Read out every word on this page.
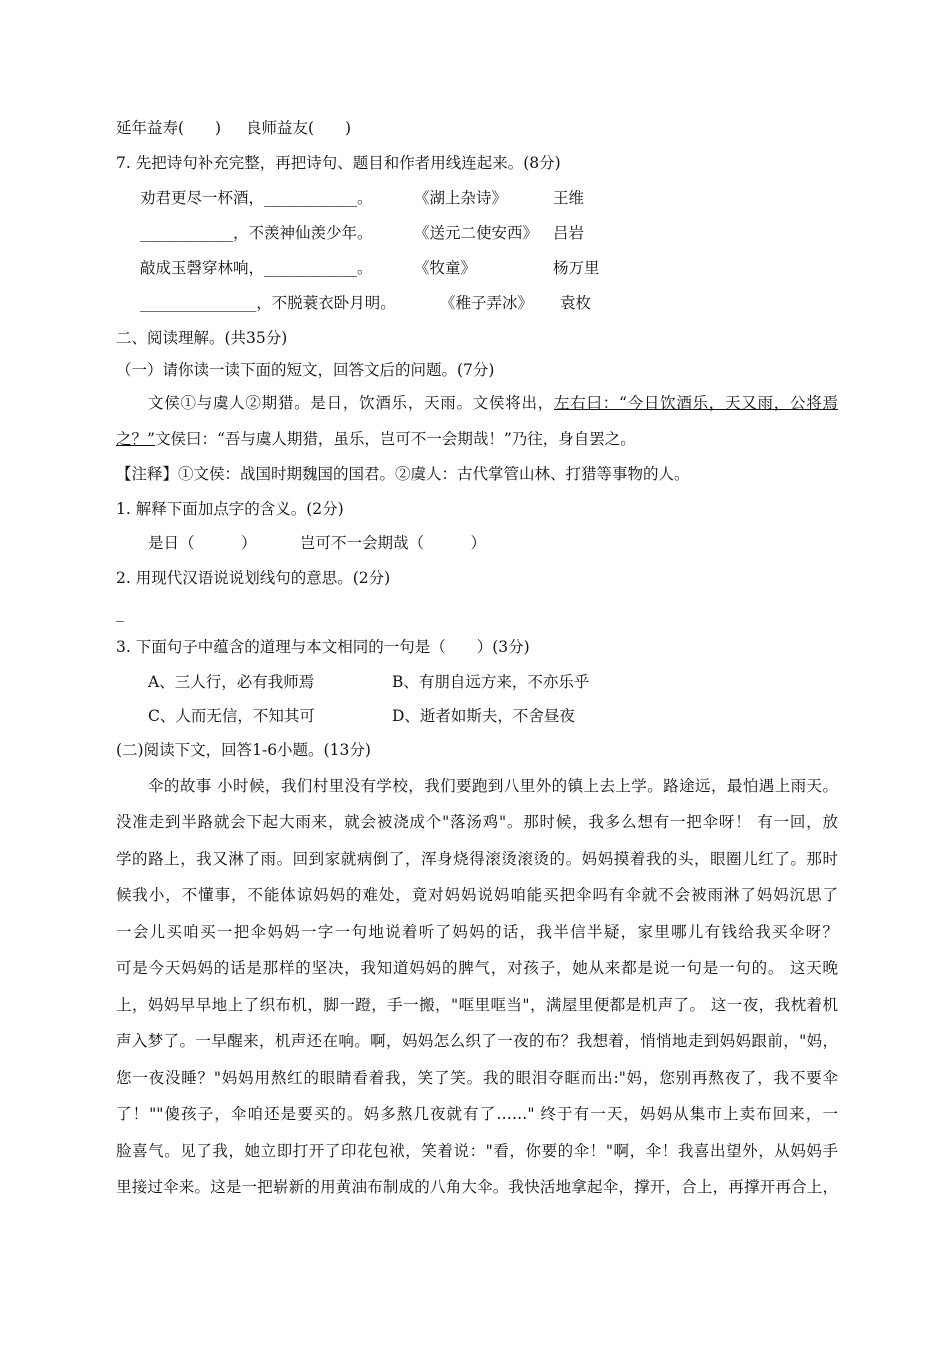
延年益寿(　　) 良师益友(　　)
7. 先把诗句补充完整，再把诗句、题目和作者用线连起来。(8分)
劝君更尽一杯酒，____________。	《湖上杂诗》	王维
____________，不羡神仙羡少年。	《送元二使安西》 吕岩
敲成玉磬穿林响，____________。	《牧童》	杨万里
_______________，不脱蓑衣卧月明。	《稚子弄冰》 袁枚
二、阅读理解。(共35分)
（一）请你读一读下面的短文，回答文后的问题。(7分)
文侯①与虞人②期猎。是日，饮酒乐，天雨。文侯将出，左右曰：“今日饮酒乐，天又雨，公将焉
之？”文侯曰：“吾与虞人期猎，虽乐，岂可不一会期哉！”乃往，身自罢之。
【注释】①文侯：战国时期魏国的国君。②虞人：古代掌管山林、打猎等事物的人。
1. 解释下面加点字的含义。(2分)
是日（　　　）	岂可不一会期哉（　　　）
2. 用现代汉语说说划线句的意思。(2分)
_
3. 下面句子中蕴含的道理与本文相同的一句是（　　）(3分)
A、三人行，必有我师焉	B、有朋自远方来，不亦乐乎
C、人而无信，不知其可	D、逝者如斯夫，不舍昼夜
(二)阅读下文，回答1-6小题。(13分)
伞的故事 小时候，我们村里没有学校，我们要跑到八里外的镇上去上学。路途远，最怕遇上雨天。
没准走到半路就会下起大雨来，就会被浇成个"落汤鸡"。那时候，我多么想有一把伞呀！ 有一回，放
学的路上，我又淋了雨。回到家就病倒了，浑身烧得滚烫滚烫的。妈妈摸着我的头，眼圈儿红了。那时
候我小，不懂事，不能体谅妈妈的难处，竟对妈妈说妈咱能买把伞吗有伞就不会被雨淋了妈妈沉思了
一会儿买咱买一把伞妈妈一字一句地说着听了妈妈的话，我半信半疑，家里哪儿有钱给我买伞呀？
可是今天妈妈的话是那样的坚决，我知道妈妈的脾气，对孩子，她从来都是说一句是一句的。 这天晚
上，妈妈早早地上了织布机，脚一蹬，手一搬，"哐里哐当"，满屋里便都是机声了。 这一夜，我枕着机
声入梦了。一早醒来，机声还在响。啊，妈妈怎么织了一夜的布？我想着，悄悄地走到妈妈跟前，"妈，
您一夜没睡？"妈妈用熬红的眼睛看着我，笑了笑。我的眼泪夺眶而出:"妈，您别再熬夜了，我不要伞
了！""傻孩子，伞咱还是要买的。妈多熬几夜就有了……" 终于有一天，妈妈从集市上卖布回来，一
脸喜气。见了我，她立即打开了印花包袱，笑着说："看，你要的伞！"啊，伞！我喜出望外，从妈妈手
里接过伞来。这是一把崭新的用黄油布制成的八角大伞。我快活地拿起伞，撑开，合上，再撑开再合上，
